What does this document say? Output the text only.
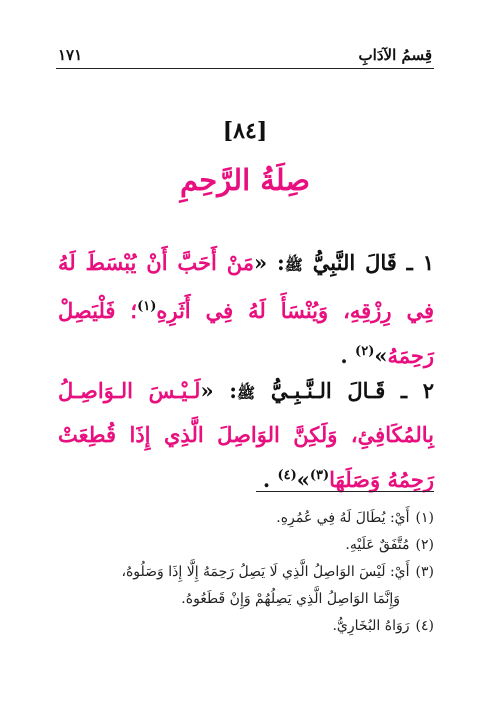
قِسمُ الآدَابِ
١٧١
[٨٤]
صِلَةُ الرَّحِمِ

١ ـ قَالَ النَّبِيُّ ﷺ: «مَنْ أَحَبَّ أَنْ يُبْسَطَ لَهُ فِي رِزْقِهِ، وَيُنْسَأَ لَهُ فِي أَثَرِهِ$^{(١)}$؛ فَلْيَصِلْ رَحِمَهُ»$^{(٢)}$ .

٢ ـ قَـالَ الـنَّـبِـيُّ ﷺ: «لَـيْـسَ الـوَاصِـلُ بِالمُكَافِئِ، وَلَكِنَّ الوَاصِلَ الَّذِي إِذَا قُطِعَتْ رَحِمُهُ وَصَلَهَا$^{(٣)}$»$^{(٤)}$ .

(١)أَيْ: يُطَالَ لَهُ فِي عُمُرِهِ.

(٢)مُتَّفَقٌ عَلَيْهِ.

(٣)أَيْ: لَيْسَ الوَاصِلُ الَّذِي لَا يَصِلُ رَحِمَهُ إِلَّا إِذَا وَصَلُوهُ،

وَإِنَّمَا الوَاصِلُ الَّذِي يَصِلُهُمْ وَإِنْ قَطَعُوهُ.

(٤)رَوَاهُ البُخَارِيُّ.
